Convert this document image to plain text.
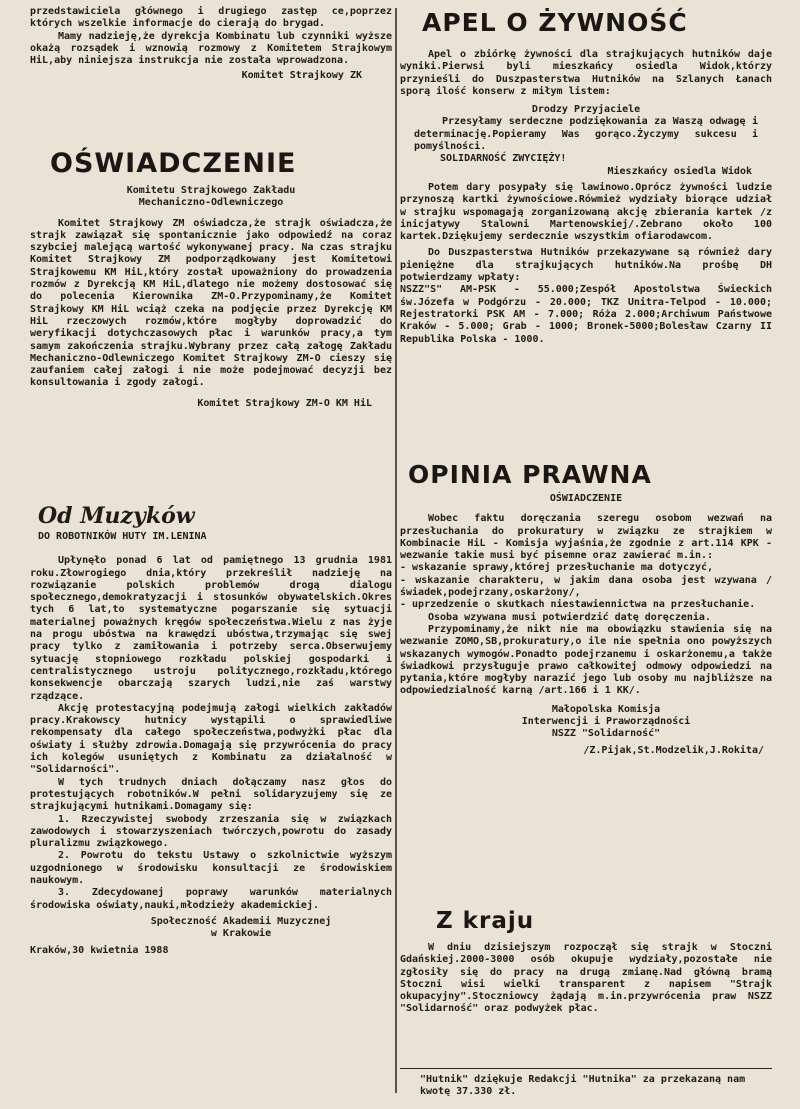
przedstawiciela głównego i drugiego zastęp ce,poprzez których wszelkie informacje do cierają do brygad.

Mamy nadzieję,że dyrekcja Kombinatu lub czynniki wyższe okażą rozsądek i wznowią rozmowy z Komitetem Strajkowym HiL,aby niniejsza instrukcja nie została wprowadzona.

Komitet Strajkowy ZK

OŚWIADCZENIE

Komitetu Strajkowego Zakładu

Mechaniczno-Odlewniczego

Komitet Strajkowy ZM oświadcza,że strajk oświadcza,że strajk zawiązał się spontanicznie jako odpowiedź na coraz szybciej malejącą wartość wykonywanej pracy. Na czas strajku Komitet Strajkowy ZM podporządkowany jest Komitetowi Strajkowemu KM HiL,który został upoważniony do prowadzenia rozmów z Dyrekcją KM HiL,dlatego nie możemy dostosować się do polecenia Kierownika ZM-O.Przypominamy,że Komitet Strajkowy KM HiL wciąż czeka na podjęcie przez Dyrekcję KM HiL rzeczowych rozmów,które mogłyby doprowadzić do weryfikacji dotychczasowych płac i warunków pracy,a tym samym zakończenia strajku.Wybrany przez całą załogę Zakładu Mechaniczno-Odlewniczego Komitet Strajkowy ZM-O cieszy się zaufaniem całej załogi i nie może podejmować decyzji bez konsultowania i zgody załogi.

Komitet Strajkowy ZM-O KM HiL

Od Muzyków

DO ROBOTNIKÓW HUTY IM.LENINA

Upłynęło ponad 6 lat od pamiętnego 13 grudnia 1981 roku.Złowrogiego dnia,który przekreślił nadzieję na rozwiązanie polskich problemów drogą dialogu społecznego,demokratyzacji i stosunków obywatelskich.Okres tych 6 lat,to systematyczne pogarszanie się sytuacji materialnej poważnych kręgów społeczeństwa.Wielu z nas żyje na progu ubóstwa na krawędzi ubóstwa,trzymając się swej pracy tylko z zamiłowania i potrzeby serca.Obserwujemy sytuację stopniowego rozkładu polskiej gospodarki i centralistycznego ustroju politycznego,rozkładu,którego konsekwencje obarczają szarych ludzi,nie zaś warstwy rządzące.

Akcję protestacyjną podejmują załogi wielkich zakładów pracy.Krakowscy hutnicy wystąpili o sprawiedliwe rekompensaty dla całego społeczeństwa,podwyżki płac dla oświaty i służby zdrowia.Domagają się przywrócenia do pracy ich kolegów usuniętych z Kombinatu za działalność w "Solidarności".

W tych trudnych dniach dołączamy nasz głos do protestujących robotników.W pełni solidaryzujemy się ze strajkującymi hutnikami.Domagamy się:

1. Rzeczywistej swobody zrzeszania się w związkach zawodowych i stowarzyszeniach twórczych,powrotu do zasady pluralizmu związkowego.

2. Powrotu do tekstu Ustawy o szkolnictwie wyższym uzgodnionego w środowisku konsultacji ze środowiskiem naukowym.

3. Zdecydowanej poprawy warunków materialnych środowiska oświaty,nauki,młodzieży akademickiej.

Społeczność Akademii Muzycznej

w Krakowie

Kraków,30 kwietnia 1988

APEL O ŻYWNOŚĆ

Apel o zbiórkę żywności dla strajkujących hutników daje wyniki.Pierwsi byli mieszkańcy osiedla Widok,którzy przynieśli do Duszpasterstwa Hutników na Szlanych Łanach sporą ilość konserw z miłym listem:

Drodzy Przyjaciele

Przesyłamy serdeczne podziękowania za Waszą odwagę i determinację.Popieramy Was gorąco.Życzymy sukcesu i pomyślności.

SOLIDARNOŚĆ ZWYCIĘŻY!

Mieszkańcy osiedla Widok

Potem dary posypały się lawinowo.Oprócz żywności ludzie przynoszą kartki żywnościowe.Rówmież wydziały biorące udział w strajku wspomagają zorganizowaną akcję zbierania kartek /z inicjatywy Stalowni Martenowskiej/.Zebrano około 100 kartek.Dziękujemy serdecznie wszystkim ofiarodawcom.

Do Duszpasterstwa Hutników przekazywane są również dary pieniężne dla strajkujących hutników.Na prośbę DH potwierdzamy wpłaty:

NSZZ"S" AM-PSK - 55.000;Zespół Apostolstwa Świeckich św.Józefa w Podgórzu - 20.000; TKZ Unitra-Telpod - 10.000; Rejestratorki PSK AM - 7.000; Róża 2.000;Archiwum Państwowe Kraków - 5.000; Grab - 1000; Bronek-5000;Bolesław Czarny II Republika Polska - 1000.

OPINIA PRAWNA

OŚWIADCZENIE

Wobec faktu doręczania szeregu osobom wezwań na przesłuchania do prokuratury w związku ze strajkiem w Kombinacie HiL - Komisja wyjaśnia,że zgodnie z art.114 KPK - wezwanie takie musi być pisemne oraz zawierać m.in.:

- wskazanie sprawy,której przesłuchanie ma dotyczyć,

- wskazanie charakteru, w jakim dana osoba jest wzywana /świadek,podejrzany,oskarżony/,

- uprzedzenie o skutkach niestawiennictwa na przesłuchanie.

Osoba wzywana musi potwierdzić datę doręczenia.

Przypominamy,że nikt nie ma obowiązku stawienia się na wezwanie ZOMO,SB,prokuratury,o ile nie spełnia ono powyższych wskazanych wymogów.Ponadto podejrzanemu i oskarżonemu,a także świadkowi przysługuje prawo całkowitej odmowy odpowiedzi na pytania,które mogłyby narazić jego lub osoby mu najbliższe na odpowiedzialność karną /art.166 i 1 KK/.

Małopolska Komisja

Interwencji i Praworządności

NSZZ "Solidarność"

/Z.Pijak,St.Modzelik,J.Rokita/

Z kraju

W dniu dzisiejszym rozpoczął się strajk w Stoczni Gdańskiej.2000-3000 osób okupuje wydziały,pozostałe nie zgłosiły się do pracy na drugą zmianę.Nad główną bramą Stoczni wisi wielki transparent z napisem "Strajk okupacyjny".Stoczniowcy żądają m.in.przywrócenia praw NSZZ "Solidarność" oraz podwyżek płac.

"Hutnik" dziękuje Redakcji "Hutnika" za przekazaną nam kwotę 37.330 zł.
